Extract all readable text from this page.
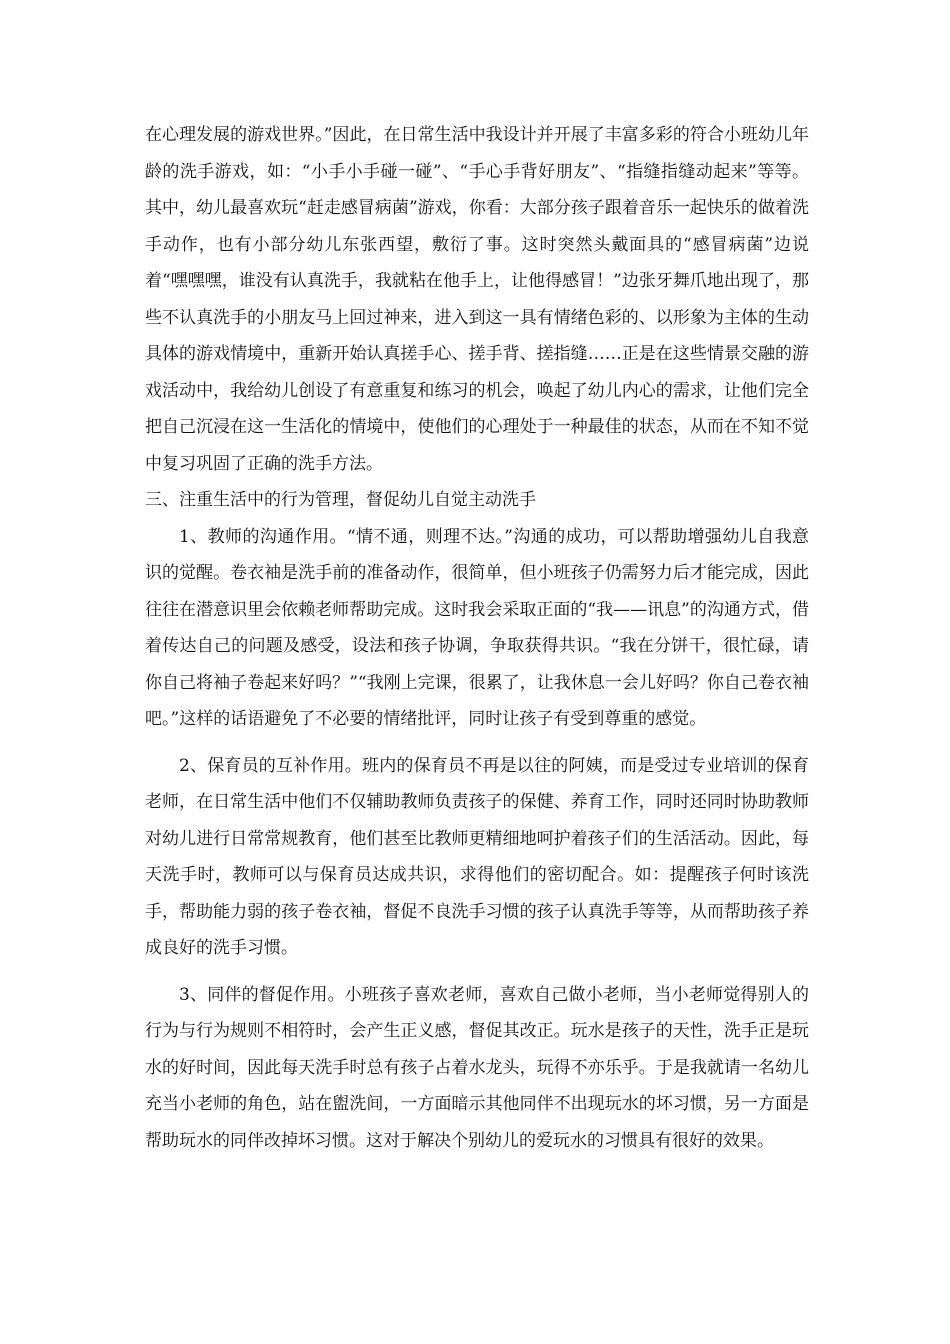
在心理发展的游戏世界。”因此，在日常生活中我设计并开展了丰富多彩的符合小班幼儿年龄的洗手游戏，如：“小手小手碰一碰”、“手心手背好朋友”、“指缝指缝动起来”等等。其中，幼儿最喜欢玩“赶走感冒病菌”游戏，你看：大部分孩子跟着音乐一起快乐的做着洗手动作，也有小部分幼儿东张西望，敷衍了事。这时突然头戴面具的“感冒病菌”边说着“嘿嘿嘿，谁没有认真洗手，我就粘在他手上，让他得感冒！”边张牙舞爪地出现了，那些不认真洗手的小朋友马上回过神来，进入到这一具有情绪色彩的、以形象为主体的生动具体的游戏情境中，重新开始认真搓手心、搓手背、搓指缝……正是在这些情景交融的游戏活动中，我给幼儿创设了有意重复和练习的机会，唤起了幼儿内心的需求，让他们完全把自己沉浸在这一生活化的情境中，使他们的心理处于一种最佳的状态，从而在不知不觉中复习巩固了正确的洗手方法。

三、注重生活中的行为管理，督促幼儿自觉主动洗手

1、教师的沟通作用。“情不通，则理不达。”沟通的成功，可以帮助增强幼儿自我意识的觉醒。卷衣袖是洗手前的准备动作，很简单，但小班孩子仍需努力后才能完成，因此往往在潜意识里会依赖老师帮助完成。这时我会采取正面的“我——讯息”的沟通方式，借着传达自己的问题及感受，设法和孩子协调，争取获得共识。“我在分饼干，很忙碌，请你自己将袖子卷起来好吗？”“我刚上完课，很累了，让我休息一会儿好吗？你自己卷衣袖吧。”这样的话语避免了不必要的情绪批评，同时让孩子有受到尊重的感觉。

2、保育员的互补作用。班内的保育员不再是以往的阿姨，而是受过专业培训的保育老师，在日常生活中他们不仅辅助教师负责孩子的保健、养育工作，同时还同时协助教师对幼儿进行日常常规教育，他们甚至比教师更精细地呵护着孩子们的生活活动。因此，每天洗手时，教师可以与保育员达成共识，求得他们的密切配合。如：提醒孩子何时该洗手，帮助能力弱的孩子卷衣袖，督促不良洗手习惯的孩子认真洗手等等，从而帮助孩子养成良好的洗手习惯。

3、同伴的督促作用。小班孩子喜欢老师，喜欢自己做小老师，当小老师觉得别人的行为与行为规则不相符时，会产生正义感，督促其改正。玩水是孩子的天性，洗手正是玩水的好时间，因此每天洗手时总有孩子占着水龙头，玩得不亦乐乎。于是我就请一名幼儿充当小老师的角色，站在盥洗间，一方面暗示其他同伴不出现玩水的坏习惯，另一方面是帮助玩水的同伴改掉坏习惯。这对于解决个别幼儿的爱玩水的习惯具有很好的效果。
